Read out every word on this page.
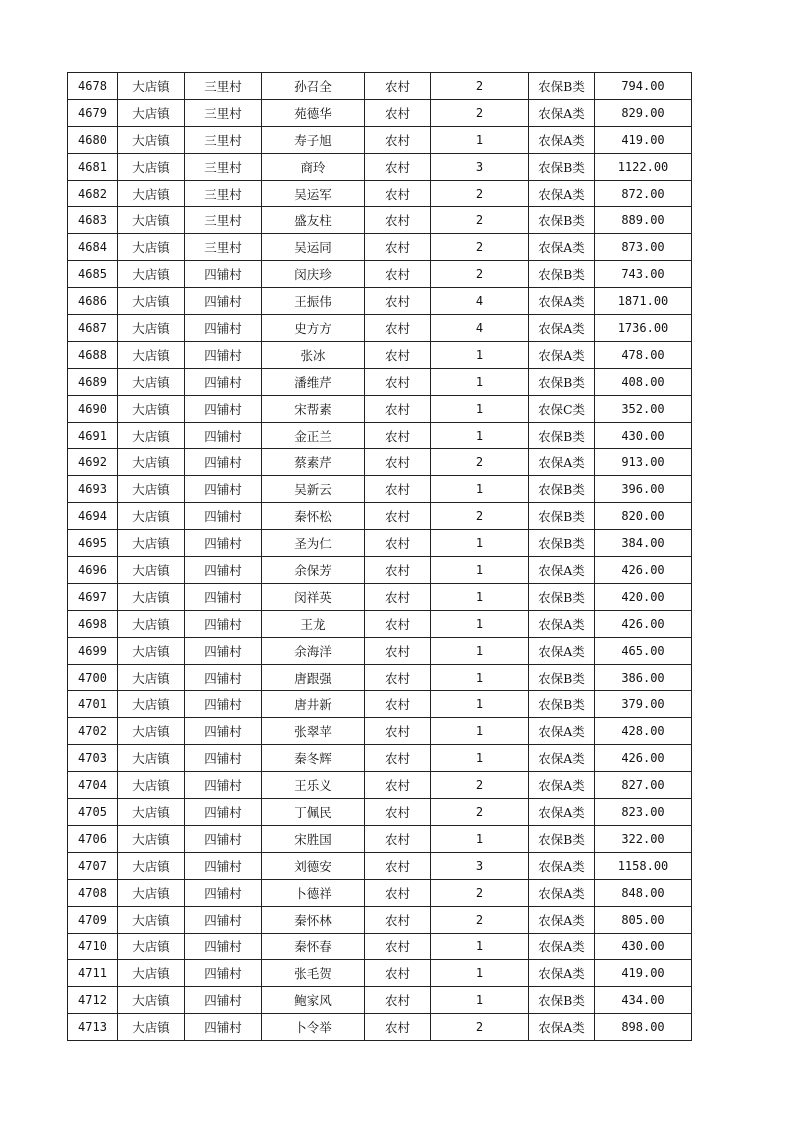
4678	大店镇	三里村	孙召全	农村	2	农保B类	794.00
4679	大店镇	三里村	苑德华	农村	2	农保A类	829.00
4680	大店镇	三里村	寿子旭	农村	1	农保A类	419.00
4681	大店镇	三里村	商玲	农村	3	农保B类	1122.00
4682	大店镇	三里村	吴运军	农村	2	农保A类	872.00
4683	大店镇	三里村	盛友柱	农村	2	农保B类	889.00
4684	大店镇	三里村	吴运同	农村	2	农保A类	873.00
4685	大店镇	四铺村	闵庆珍	农村	2	农保B类	743.00
4686	大店镇	四铺村	王振伟	农村	4	农保A类	1871.00
4687	大店镇	四铺村	史方方	农村	4	农保A类	1736.00
4688	大店镇	四铺村	张冰	农村	1	农保A类	478.00
4689	大店镇	四铺村	潘维芹	农村	1	农保B类	408.00
4690	大店镇	四铺村	宋帮素	农村	1	农保C类	352.00
4691	大店镇	四铺村	金正兰	农村	1	农保B类	430.00
4692	大店镇	四铺村	蔡素芹	农村	2	农保A类	913.00
4693	大店镇	四铺村	吴新云	农村	1	农保B类	396.00
4694	大店镇	四铺村	秦怀松	农村	2	农保B类	820.00
4695	大店镇	四铺村	圣为仁	农村	1	农保B类	384.00
4696	大店镇	四铺村	余保芳	农村	1	农保A类	426.00
4697	大店镇	四铺村	闵祥英	农村	1	农保B类	420.00
4698	大店镇	四铺村	王龙	农村	1	农保A类	426.00
4699	大店镇	四铺村	余海洋	农村	1	农保A类	465.00
4700	大店镇	四铺村	唐跟强	农村	1	农保B类	386.00
4701	大店镇	四铺村	唐井新	农村	1	农保B类	379.00
4702	大店镇	四铺村	张翠苹	农村	1	农保A类	428.00
4703	大店镇	四铺村	秦冬辉	农村	1	农保A类	426.00
4704	大店镇	四铺村	王乐义	农村	2	农保A类	827.00
4705	大店镇	四铺村	丁佩民	农村	2	农保A类	823.00
4706	大店镇	四铺村	宋胜国	农村	1	农保B类	322.00
4707	大店镇	四铺村	刘德安	农村	3	农保A类	1158.00
4708	大店镇	四铺村	卜德祥	农村	2	农保A类	848.00
4709	大店镇	四铺村	秦怀林	农村	2	农保A类	805.00
4710	大店镇	四铺村	秦怀春	农村	1	农保A类	430.00
4711	大店镇	四铺村	张毛贺	农村	1	农保A类	419.00
4712	大店镇	四铺村	鲍家风	农村	1	农保B类	434.00
4713	大店镇	四铺村	卜令举	农村	2	农保A类	898.00
